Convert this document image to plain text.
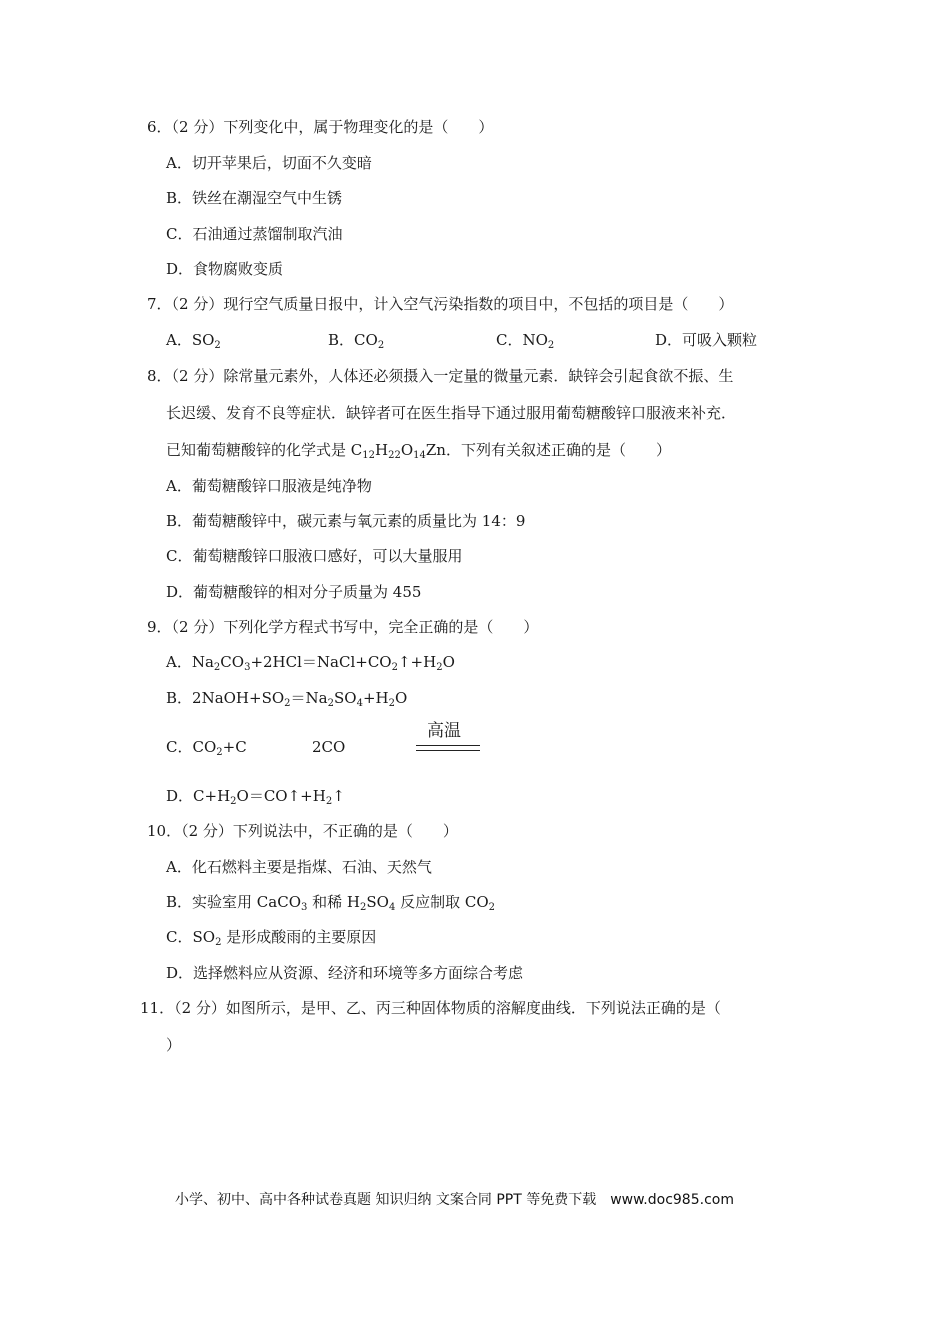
6．（2 分）下列变化中，属于物理变化的是（　　）
A．切开苹果后，切面不久变暗
B．铁丝在潮湿空气中生锈
C．石油通过蒸馏制取汽油
D．食物腐败变质
7．（2 分）现行空气质量日报中，计入空气污染指数的项目中，不包括的项目是（　　）
A．$SO_2$	B．$CO_2$	C．$NO_2$	D．可吸入颗粒
8．（2 分）除常量元素外，人体还必须摄入一定量的微量元素．缺锌会引起食欲不振、生
长迟缓、发育不良等症状．缺锌者可在医生指导下通过服用葡萄糖酸锌口服液来补充．
已知葡萄糖酸锌的化学式是 $C_{12}H_{22}O_{14}Zn$．下列有关叙述正确的是（　　）
A．葡萄糖酸锌口服液是纯净物
B．葡萄糖酸锌中，碳元素与氧元素的质量比为 14：9
C．葡萄糖酸锌口服液口感好，可以大量服用
D．葡萄糖酸锌的相对分子质量为 455
9．（2 分）下列化学方程式书写中，完全正确的是（　　）
A．$Na_2CO_3+2HCl=NaCl+CO_2↑+H_2O$
B．$2NaOH+SO_2=Na_2SO_4+H_2O$
C．$CO_2+C$
高温
2CO
D．$C+H_2O=CO↑+H_2↑$
10．（2 分）下列说法中，不正确的是（　　）
A．化石燃料主要是指煤、石油、天然气
B．实验室用 CaCO$_3$ 和稀 $H_2SO_4$ 反应制取 $CO_2$
C．$SO_2$ 是形成酸雨的主要原因
D．选择燃料应从资源、经济和环境等多方面综合考虑
11．（2 分）如图所示，是甲、乙、丙三种固体物质的溶解度曲线．下列说法正确的是（
）
小学、初中、高中各种试卷真题 知识归纳 文案合同 PPT 等免费下载　www.doc985.com
